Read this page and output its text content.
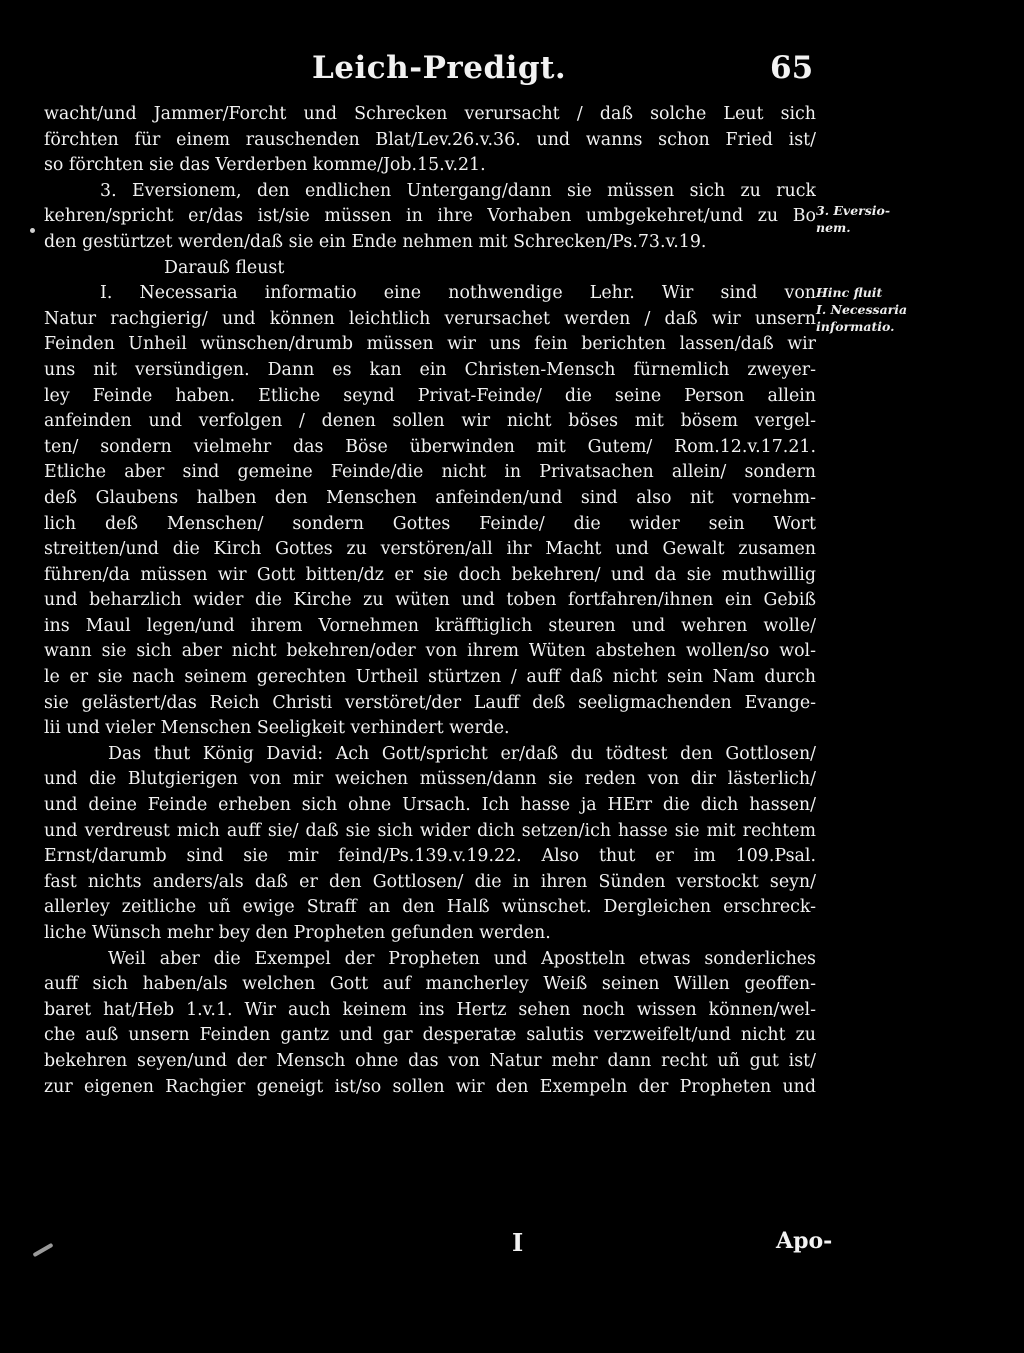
Leich-Predigt.	65
wacht/und Jammer/Forcht und Schrecken verursacht / daß solche Leut sich
förchten für einem rauschenden Blat/Lev.26.v.36. und wanns schon Fried ist/
so förchten sie das Verderben komme/Job.15.v.21.
3. Eversionem, den endlichen Untergang/dann sie müssen sich zu ruck
kehren/spricht er/das ist/sie müssen in ihre Vorhaben umbgekehret/und zu Bo
den gestürtzet werden/daß sie ein Ende nehmen mit Schrecken/Ps.73.v.19.
Darauß fleust
I. Necessaria informatio eine nothwendige Lehr. Wir sind von
Natur rachgierig/ und können leichtlich verursachet werden / daß wir unsern
Feinden Unheil wünschen/drumb müssen wir uns fein berichten lassen/daß wir
uns nit versündigen. Dann es kan ein Christen-Mensch fürnemlich zweyer-
ley Feinde haben. Etliche seynd Privat-Feinde/ die seine Person allein
anfeinden und verfolgen / denen sollen wir nicht böses mit bösem vergel-
ten/ sondern vielmehr das Böse überwinden mit Gutem/ Rom.12.v.17.21.
Etliche aber sind gemeine Feinde/die nicht in Privatsachen allein/ sondern
deß Glaubens halben den Menschen anfeinden/und sind also nit vornehm-
lich deß Menschen/ sondern Gottes Feinde/ die wider sein Wort
streitten/und die Kirch Gottes zu verstören/all ihr Macht und Gewalt zusamen
führen/da müssen wir Gott bitten/dz er sie doch bekehren/ und da sie muthwillig
und beharzlich wider die Kirche zu wüten und toben fortfahren/ihnen ein Gebiß
ins Maul legen/und ihrem Vornehmen kräfftiglich steuren und wehren wolle/
wann sie sich aber nicht bekehren/oder von ihrem Wüten abstehen wollen/so wol-
le er sie nach seinem gerechten Urtheil stürtzen / auff daß nicht sein Nam durch
sie gelästert/das Reich Christi verstöret/der Lauff deß seeligmachenden Evange-
lii und vieler Menschen Seeligkeit verhindert werde.
Das thut König David: Ach Gott/spricht er/daß du tödtest den Gottlosen/
und die Blutgierigen von mir weichen müssen/dann sie reden von dir lästerlich/
und deine Feinde erheben sich ohne Ursach. Ich hasse ja HErr die dich hassen/
und verdreust mich auff sie/ daß sie sich wider dich setzen/ich hasse sie mit rechtem
Ernst/darumb sind sie mir feind/Ps.139.v.19.22. Also thut er im 109.Psal.
fast nichts anders/als daß er den Gottlosen/ die in ihren Sünden verstockt seyn/
allerley zeitliche uñ ewige Straff an den Halß wünschet. Dergleichen erschreck-
liche Wünsch mehr bey den Propheten gefunden werden.
Weil aber die Exempel der Propheten und Apostteln etwas sonderliches
auff sich haben/als welchen Gott auf mancherley Weiß seinen Willen geoffen-
baret hat/Heb 1.v.1. Wir auch keinem ins Hertz sehen noch wissen können/wel-
che auß unsern Feinden gantz und gar desperatæ salutis verzweifelt/und nicht zu
bekehren seyen/und der Mensch ohne das von Natur mehr dann recht uñ gut ist/
zur eigenen Rachgier geneigt ist/so sollen wir den Exempeln der Propheten und
3. Eversio-
nem.
Hinc fluit
I. Necessaria
informatio.
I	Apo-
